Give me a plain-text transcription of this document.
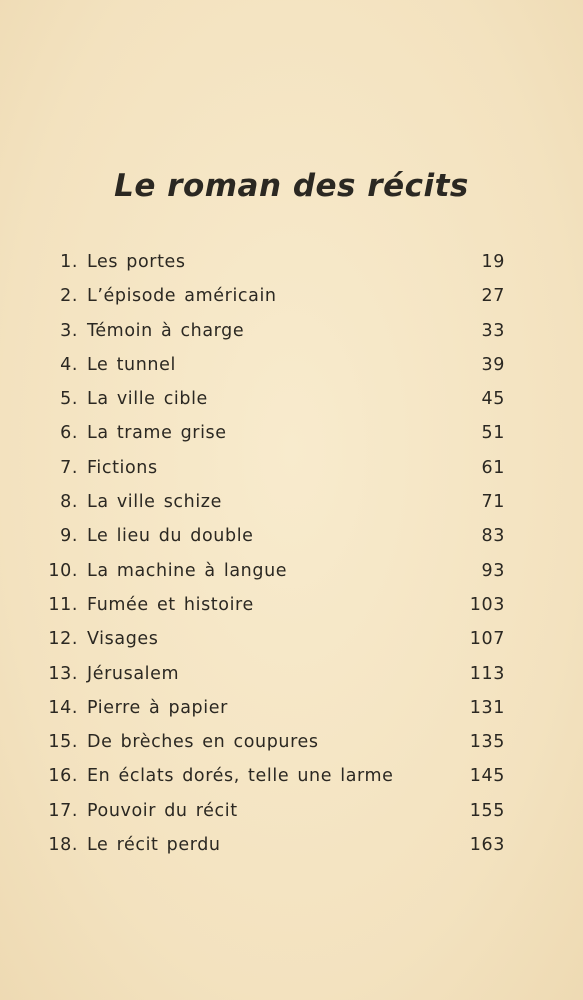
Le roman des récits
1. Les portes	19
2. L’épisode américain	27
3. Témoin à charge	33
4. Le tunnel	39
5. La ville cible	45
6. La trame grise	51
7. Fictions	61
8. La ville schize	71
9. Le lieu du double	83
10. La machine à langue	93
11. Fumée et histoire	103
12. Visages	107
13. Jérusalem	113
14. Pierre à papier	131
15. De brèches en coupures	135
16. En éclats dorés, telle une larme	145
17. Pouvoir du récit	155
18. Le récit perdu	163
